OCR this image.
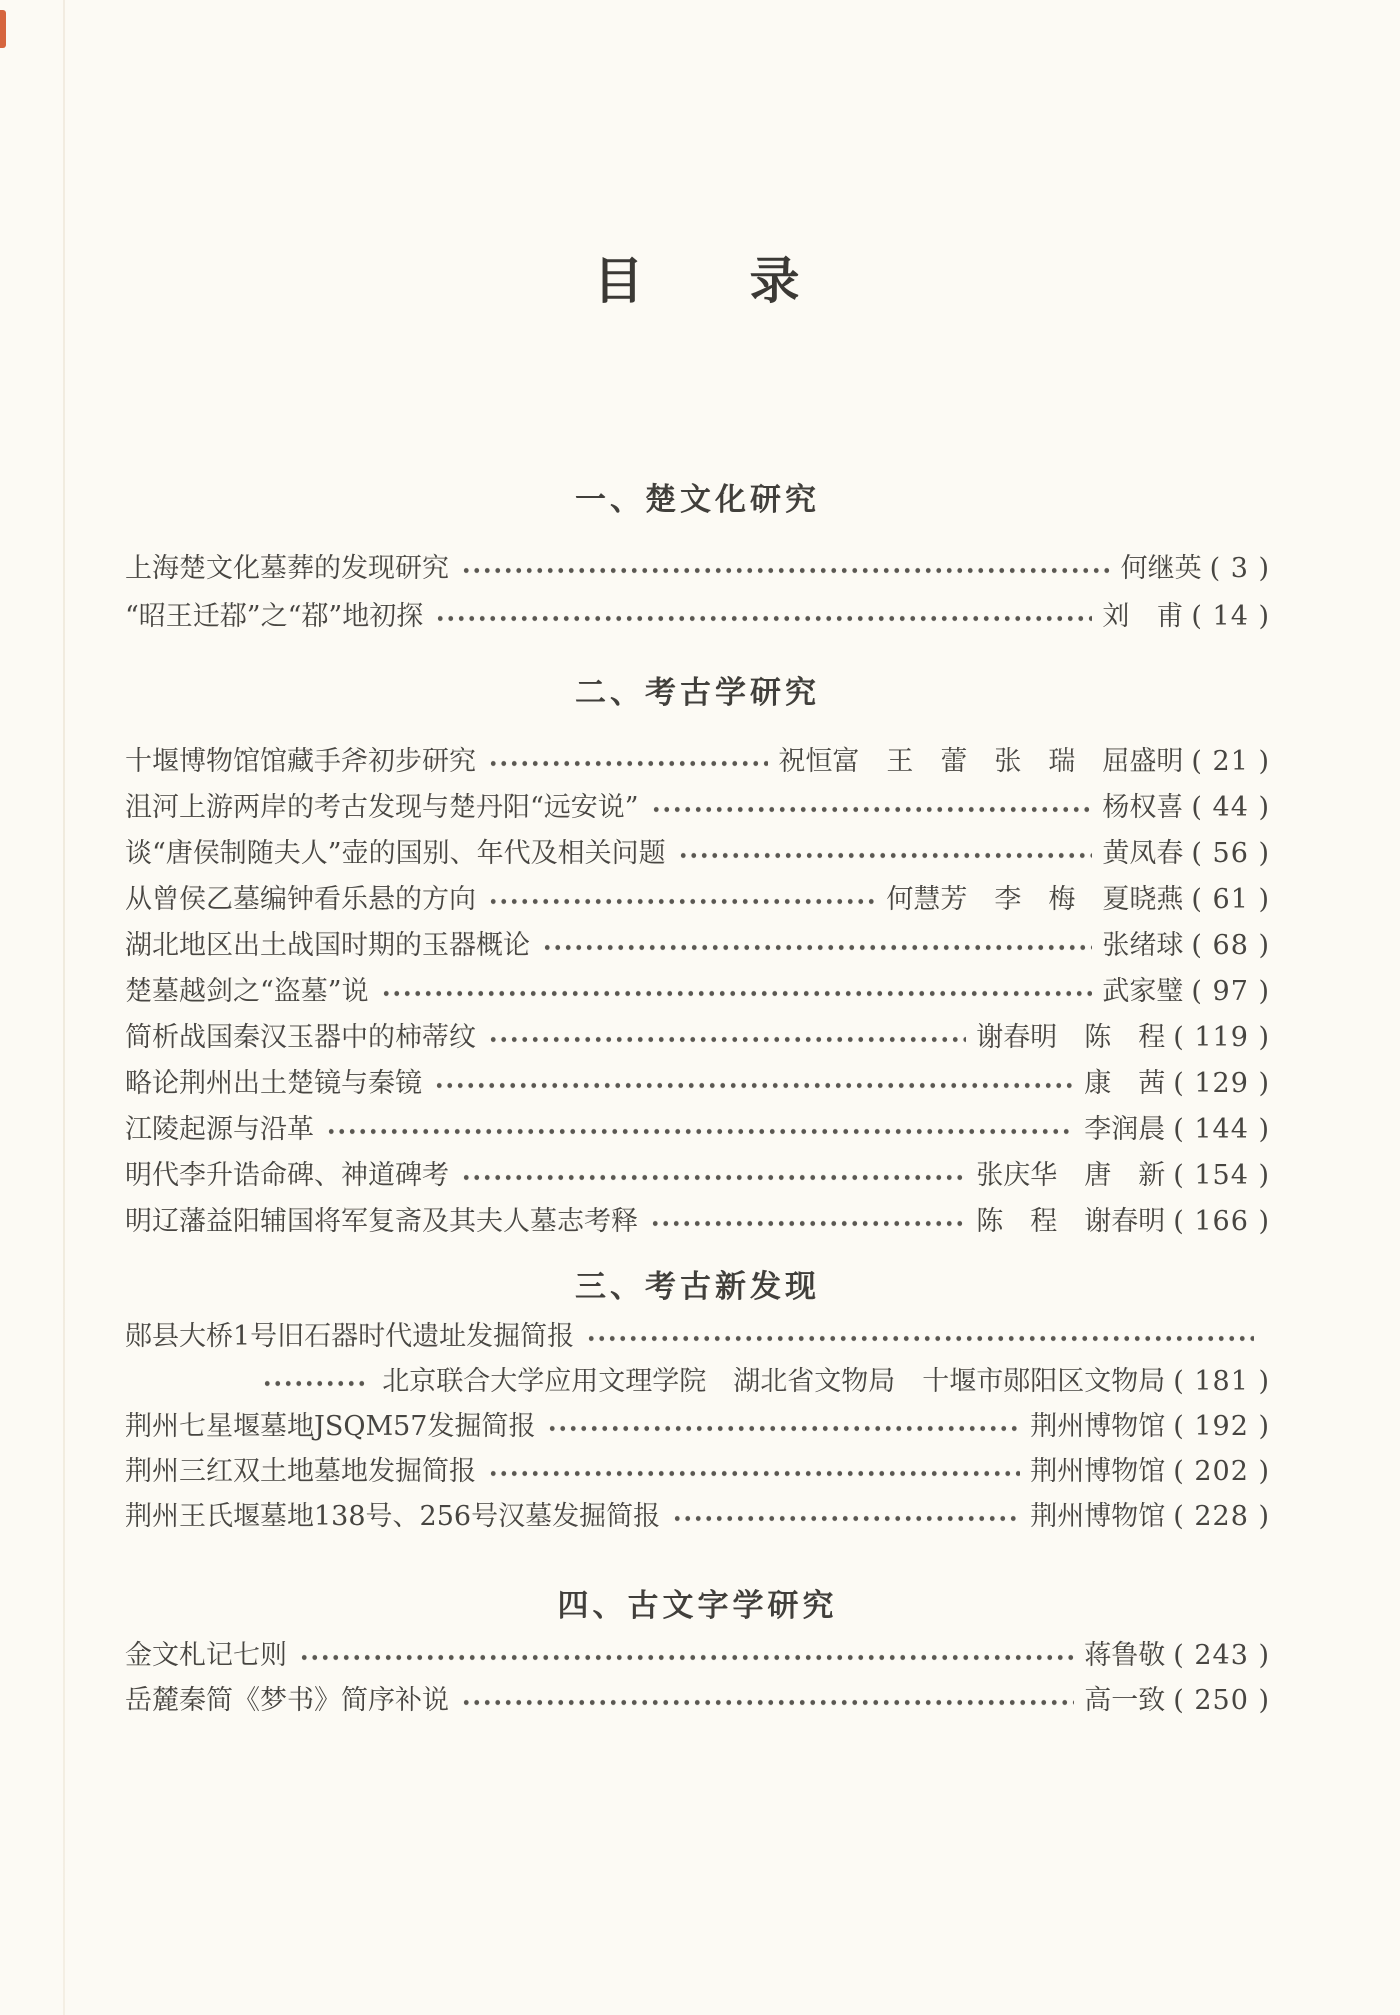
目　　录
一、楚文化研究
上海楚文化墓葬的发现研究	何继英 ( 3 )
“昭王迁鄀”之“鄀”地初探	刘　甫 ( 14 )
二、考古学研究
十堰博物馆馆藏手斧初步研究	祝恒富　王　蕾　张　瑞　屈盛明 ( 21 )
沮河上游两岸的考古发现与楚丹阳“远安说”	杨权喜 ( 44 )
谈“唐侯制随夫人”壶的国别、年代及相关问题	黄凤春 ( 56 )
从曾侯乙墓编钟看乐悬的方向	何慧芳　李　梅　夏晓燕 ( 61 )
湖北地区出土战国时期的玉器概论	张绪球 ( 68 )
楚墓越剑之“盗墓”说	武家璧 ( 97 )
简析战国秦汉玉器中的柿蒂纹	谢春明　陈　程 ( 119 )
略论荆州出土楚镜与秦镜	康　茜 ( 129 )
江陵起源与沿革	李润晨 ( 144 )
明代李升诰命碑、神道碑考	张庆华　唐　新 ( 154 )
明辽藩益阳辅国将军复斋及其夫人墓志考释	陈　程　谢春明 ( 166 )
三、考古新发现
郧县大桥1号旧石器时代遗址发掘简报
北京联合大学应用文理学院　湖北省文物局　十堰市郧阳区文物局 ( 181 )
荆州七星堰墓地JSQM57发掘简报	荆州博物馆 ( 192 )
荆州三红双土地墓地发掘简报	荆州博物馆 ( 202 )
荆州王氏堰墓地138号、256号汉墓发掘简报	荆州博物馆 ( 228 )
四、古文字学研究
金文札记七则	蒋鲁敬 ( 243 )
岳麓秦简《梦书》简序补说	高一致 ( 250 )
